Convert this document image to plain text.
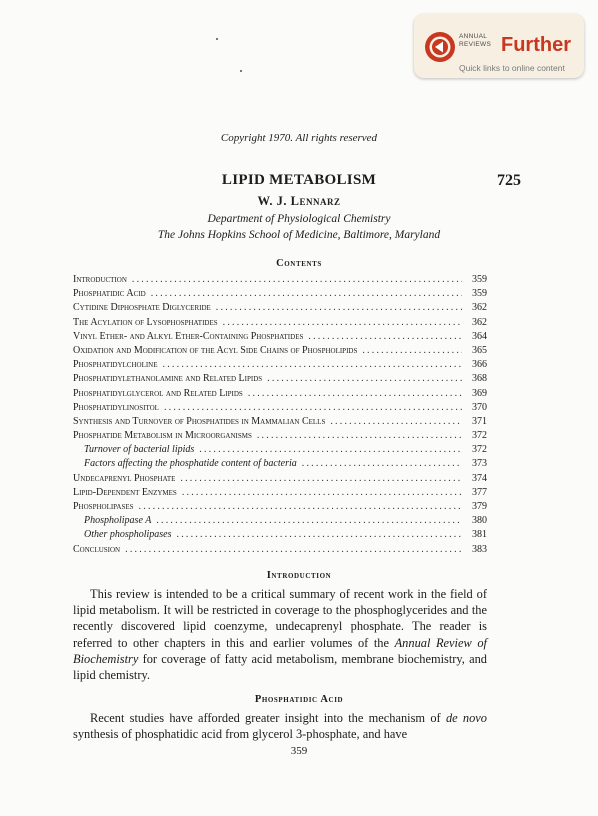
ANNUAL REVIEWS Further
Quick links to online content
Copyright 1970. All rights reserved
LIPID METABOLISM	725
W. J. Lennarz
Department of Physiological Chemistry
The Johns Hopkins School of Medicine, Baltimore, Maryland
Contents
Introduction .....	359
Phosphatidic Acid .....	359
Cytidine Diphosphate Diglyceride .....	362
The Acylation of Lysophosphatides .....	362
Vinyl Ether- and Alkyl Ether-Containing Phosphatides .....	364
Oxidation and Modification of the Acyl Side Chains of Phospholipids .....	365
Phosphatidylcholine .....	366
Phosphatidylethanolamine and Related Lipids .....	368
Phosphatidylglycerol and Related Lipids .....	369
Phosphatidylinositol .....	370
Synthesis and Turnover of Phosphatides in Mammalian Cells .....	371
Phosphatide Metabolism in Microorganisms .....	372
Turnover of bacterial lipids .....	372
Factors affecting the phosphatide content of bacteria .....	373
Undecaprenyl Phosphate .....	374
Lipid-Dependent Enzymes .....	377
Phospholipases .....	379
Phospholipase A .....	380
Other phospholipases .....	381
Conclusion .....	383
Introduction

This review is intended to be a critical summary of recent work in the field of lipid metabolism. It will be restricted in coverage to the phosphoglycerides and the recently discovered lipid coenzyme, undecaprenyl phosphate. The reader is referred to other chapters in this and earlier volumes of the Annual Review of Biochemistry for coverage of fatty acid metabolism, membrane biochemistry, and lipid chemistry.

Phosphatidic Acid

Recent studies have afforded greater insight into the mechanism of de novo synthesis of phosphatidic acid from glycerol 3-phosphate, and have

359
